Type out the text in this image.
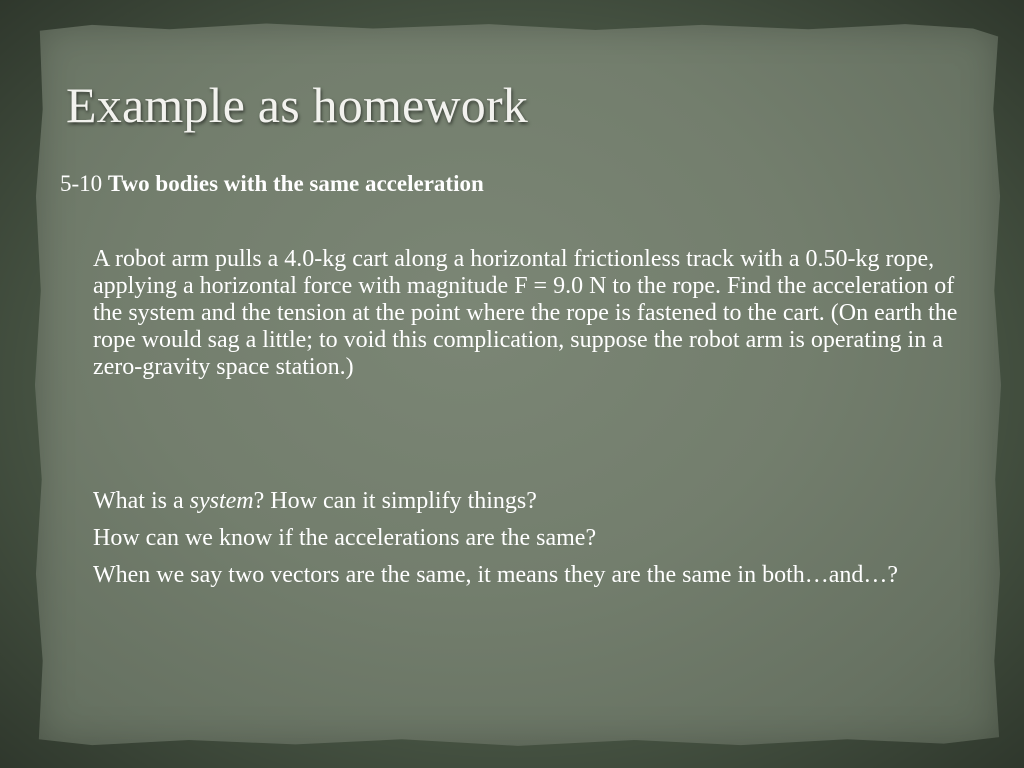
Example as homework

5-10 Two bodies with the same acceleration

A robot arm pulls a 4.0-kg cart along a horizontal frictionless track with a 0.50-kg rope, applying a horizontal force with magnitude F = 9.0 N to the rope. Find the acceleration of the system and the tension at the point where the rope is fastened to the cart. (On earth the rope would sag a little; to void this complication, suppose the robot arm is operating in a zero-gravity space station.)

What is a system? How can it simplify things?
How can we know if the accelerations are the same?
When we say two vectors are the same, it means they are the same in both…and…?
